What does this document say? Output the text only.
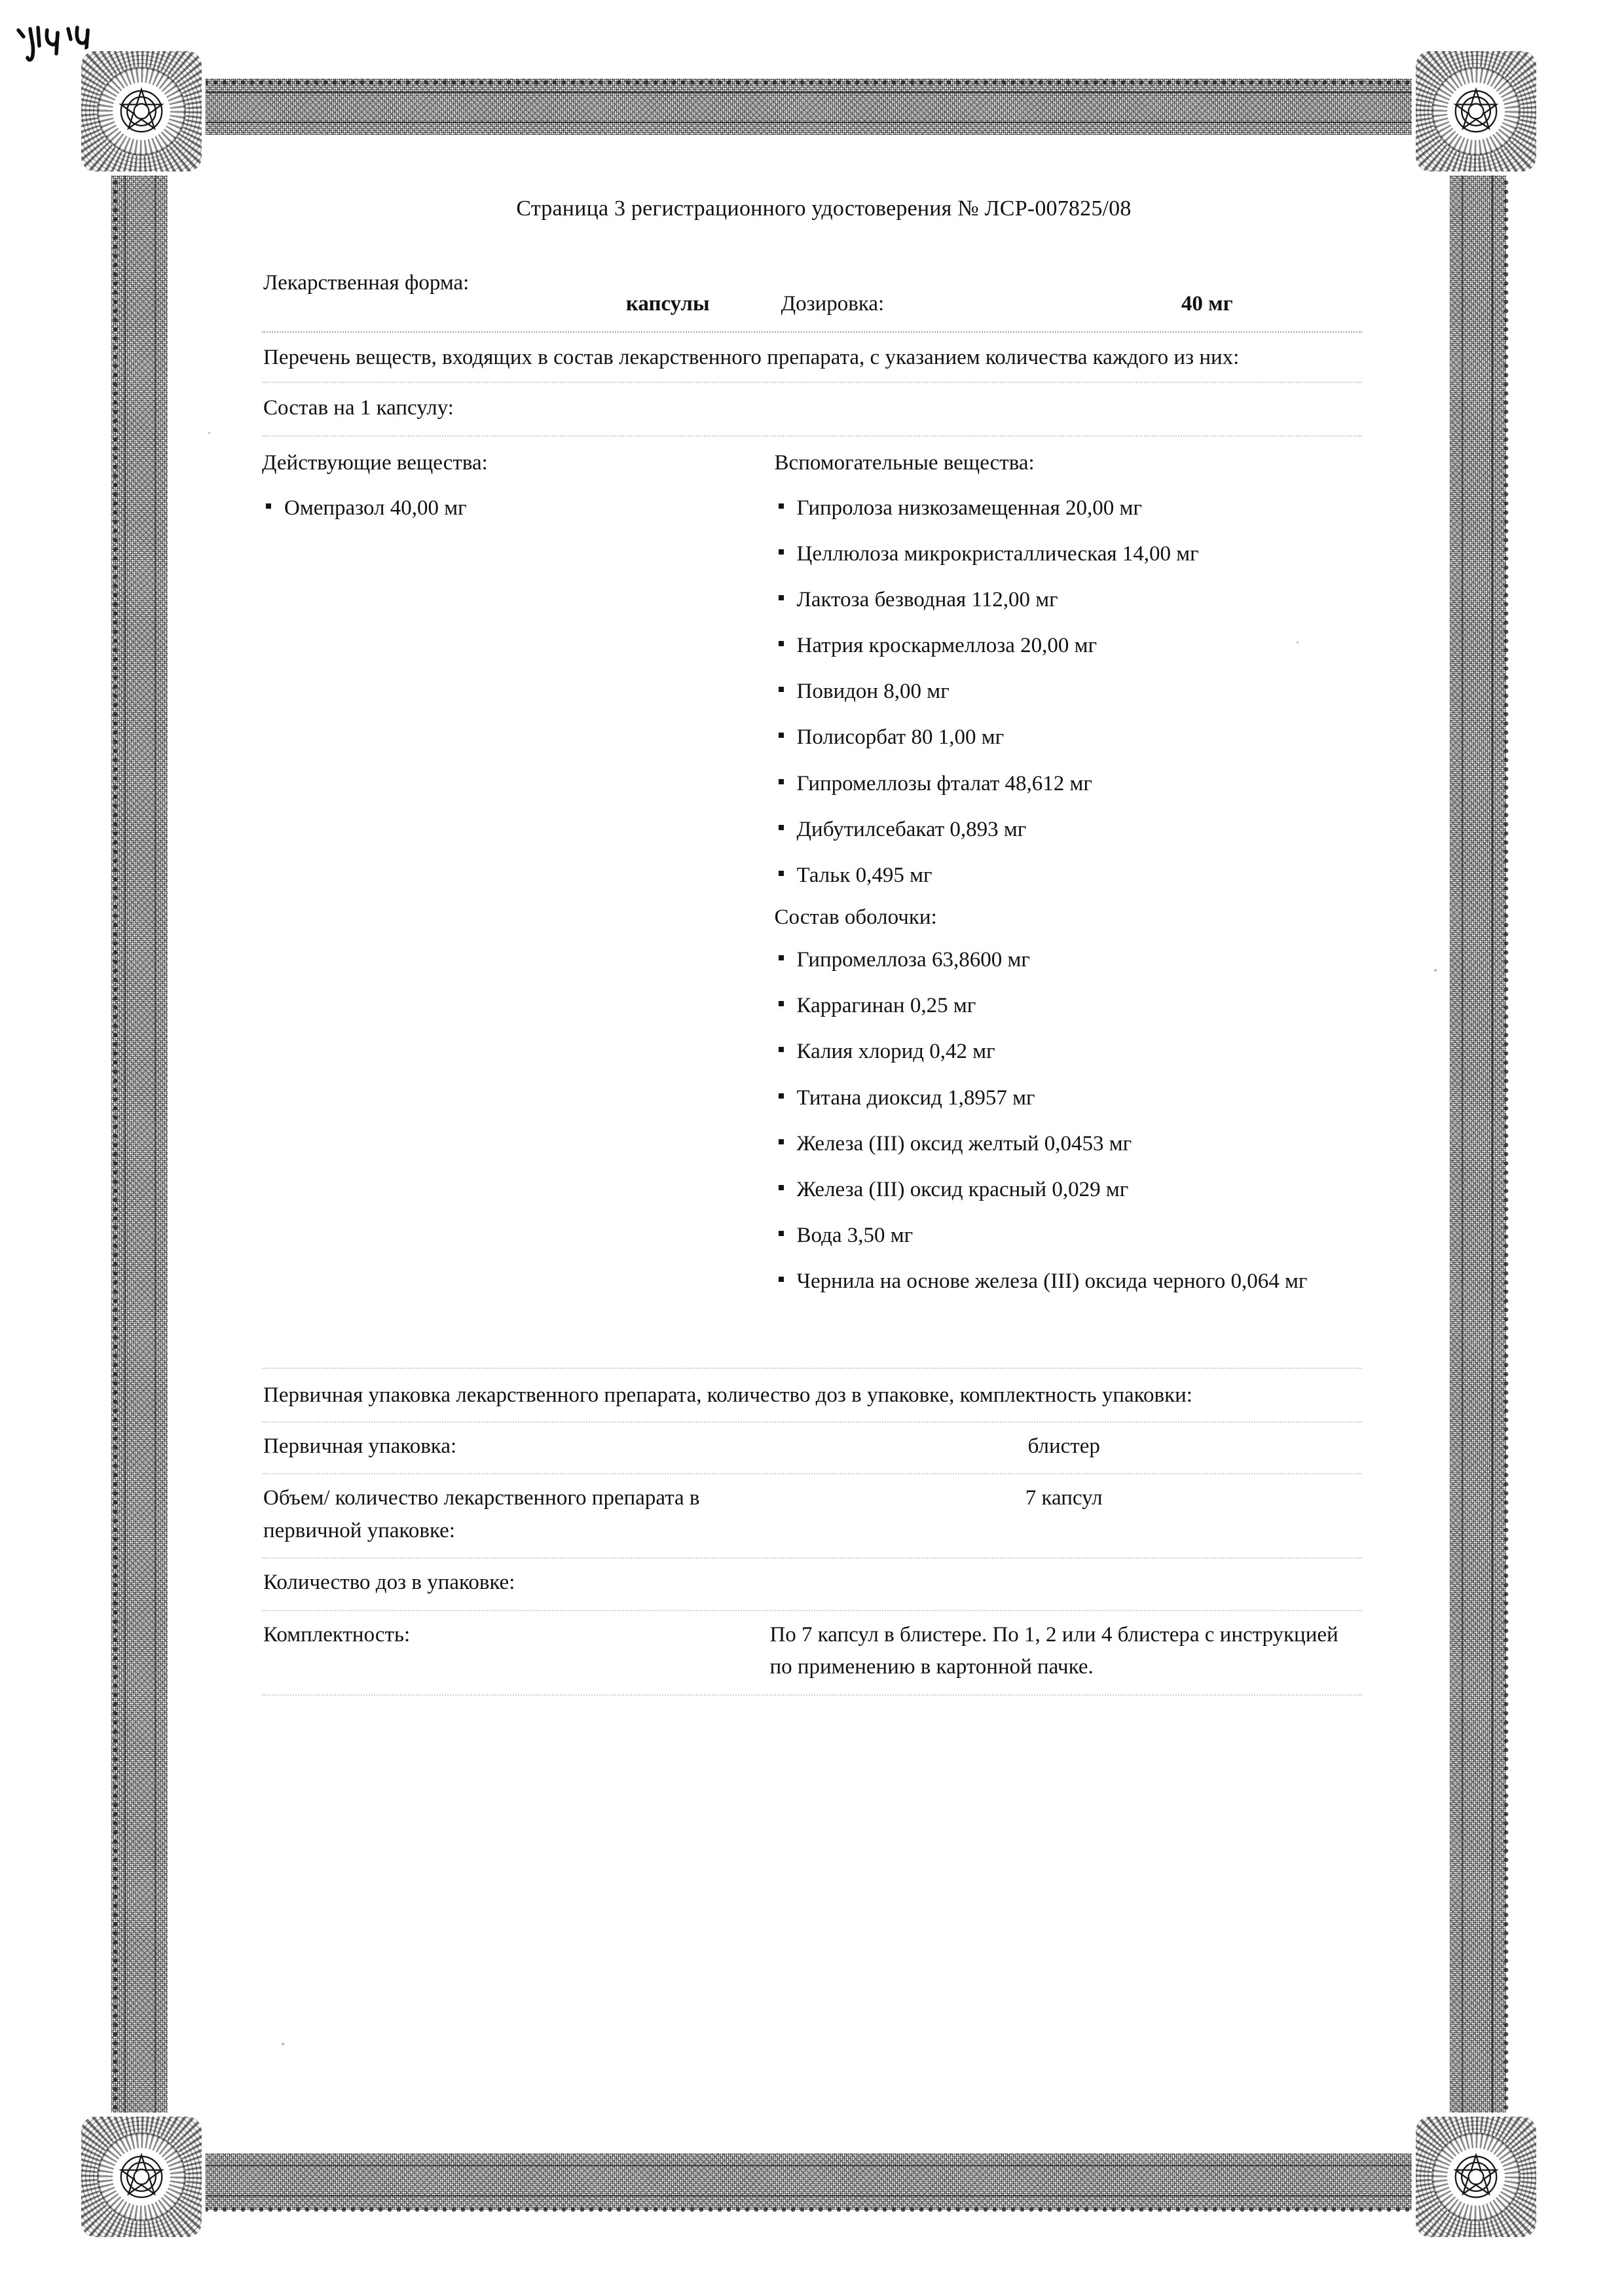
Страница 3 регистрационного удостоверения № ЛСР-007825/08
Лекарственная форма:
капсулы	Дозировка:	40 мг
Перечень веществ, входящих в состав лекарственного препарата, с указанием количества каждого из них:
Состав на 1 капсулу:
Действующие вещества:
Омепразол 40,00 мг
Вспомогательные вещества:
Гипролоза низкозамещенная 20,00 мг
Целлюлоза микрокристаллическая 14,00 мг
Лактоза безводная 112,00 мг
Натрия кроскармеллоза 20,00 мг
Повидон 8,00 мг
Полисорбат 80 1,00 мг
Гипромеллозы фталат 48,612 мг
Дибутилсебакат 0,893 мг
Тальк 0,495 мг
Состав оболочки:
Гипромеллоза 63,8600 мг
Каррагинан 0,25 мг
Калия хлорид 0,42 мг
Титана диоксид 1,8957 мг
Железа (III) оксид желтый 0,0453 мг
Железа (III) оксид красный 0,029 мг
Вода 3,50 мг
Чернила на основе железа (III) оксида черного 0,064 мг
Первичная упаковка лекарственного препарата, количество доз в упаковке, комплектность упаковки:
Первичная упаковка:	блистер
Объем/ количество лекарственного препарата в первичной упаковке:
7 капсул
Количество доз в упаковке:
Комплектность:	По 7 капсул в блистере. По 1, 2 или 4 блистера с инструкцией по применению в картонной пачке.
